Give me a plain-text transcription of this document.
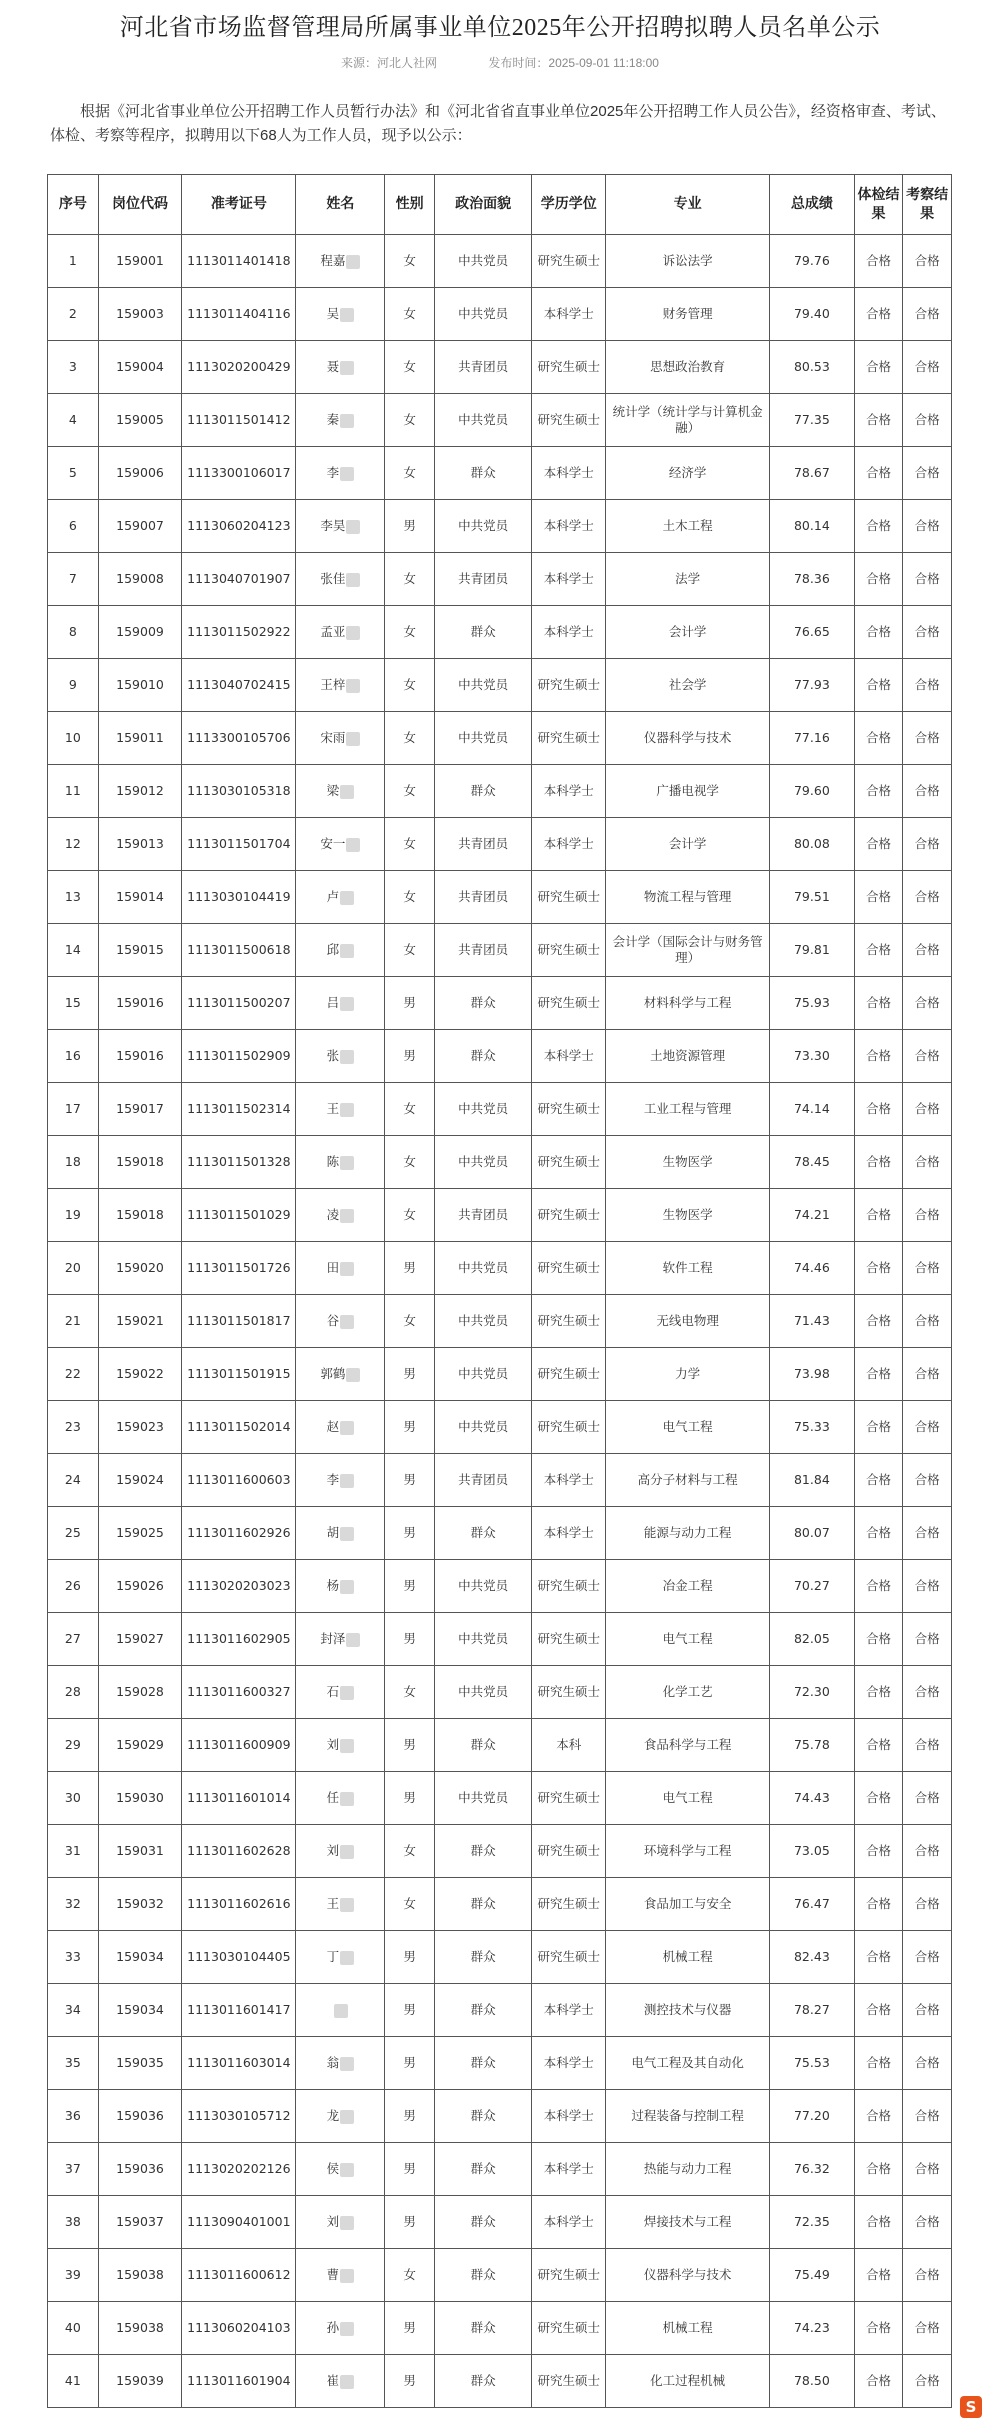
河北省市场监督管理局所属事业单位2025年公开招聘拟聘人员名单公示
来源：河北人社网	发布时间：2025-09-01 11:18:00
根据《河北省事业单位公开招聘工作人员暂行办法》和《河北省省直事业单位2025年公开招聘工作人员公告》，经资格审查、考试、体检、考察等程序，拟聘用以下68人为工作人员，现予以公示：
序号	岗位代码	准考证号	姓名	性别	政治面貌	学历学位	专业	总成绩	体检结果	考察结果
1	159001	1113011401418	程嘉	女	中共党员	研究生硕士	诉讼法学	79.76	合格	合格
2	159003	1113011404116	吴	女	中共党员	本科学士	财务管理	79.40	合格	合格
3	159004	1113020200429	聂	女	共青团员	研究生硕士	思想政治教育	80.53	合格	合格
4	159005	1113011501412	秦	女	中共党员	研究生硕士	统计学（统计学与计算机金融）	77.35	合格	合格
5	159006	1113300106017	李	女	群众	本科学士	经济学	78.67	合格	合格
6	159007	1113060204123	李昊	男	中共党员	本科学士	土木工程	80.14	合格	合格
7	159008	1113040701907	张佳	女	共青团员	本科学士	法学	78.36	合格	合格
8	159009	1113011502922	孟亚	女	群众	本科学士	会计学	76.65	合格	合格
9	159010	1113040702415	王梓	女	中共党员	研究生硕士	社会学	77.93	合格	合格
10	159011	1113300105706	宋雨	女	中共党员	研究生硕士	仪器科学与技术	77.16	合格	合格
11	159012	1113030105318	梁	女	群众	本科学士	广播电视学	79.60	合格	合格
12	159013	1113011501704	安一	女	共青团员	本科学士	会计学	80.08	合格	合格
13	159014	1113030104419	卢	女	共青团员	研究生硕士	物流工程与管理	79.51	合格	合格
14	159015	1113011500618	邱	女	共青团员	研究生硕士	会计学（国际会计与财务管理）	79.81	合格	合格
15	159016	1113011500207	吕	男	群众	研究生硕士	材料科学与工程	75.93	合格	合格
16	159016	1113011502909	张	男	群众	本科学士	土地资源管理	73.30	合格	合格
17	159017	1113011502314	王	女	中共党员	研究生硕士	工业工程与管理	74.14	合格	合格
18	159018	1113011501328	陈	女	中共党员	研究生硕士	生物医学	78.45	合格	合格
19	159018	1113011501029	凌	女	共青团员	研究生硕士	生物医学	74.21	合格	合格
20	159020	1113011501726	田	男	中共党员	研究生硕士	软件工程	74.46	合格	合格
21	159021	1113011501817	谷	女	中共党员	研究生硕士	无线电物理	71.43	合格	合格
22	159022	1113011501915	郭鹤	男	中共党员	研究生硕士	力学	73.98	合格	合格
23	159023	1113011502014	赵	男	中共党员	研究生硕士	电气工程	75.33	合格	合格
24	159024	1113011600603	李	男	共青团员	本科学士	高分子材料与工程	81.84	合格	合格
25	159025	1113011602926	胡	男	群众	本科学士	能源与动力工程	80.07	合格	合格
26	159026	1113020203023	杨	男	中共党员	研究生硕士	冶金工程	70.27	合格	合格
27	159027	1113011602905	封泽	男	中共党员	研究生硕士	电气工程	82.05	合格	合格
28	159028	1113011600327	石	女	中共党员	研究生硕士	化学工艺	72.30	合格	合格
29	159029	1113011600909	刘	男	群众	本科	食品科学与工程	75.78	合格	合格
30	159030	1113011601014	任	男	中共党员	研究生硕士	电气工程	74.43	合格	合格
31	159031	1113011602628	刘	女	群众	研究生硕士	环境科学与工程	73.05	合格	合格
32	159032	1113011602616	王	女	群众	研究生硕士	食品加工与安全	76.47	合格	合格
33	159034	1113030104405	丁	男	群众	研究生硕士	机械工程	82.43	合格	合格
34	159034	1113011601417		男	群众	本科学士	测控技术与仪器	78.27	合格	合格
35	159035	1113011603014	翁	男	群众	本科学士	电气工程及其自动化	75.53	合格	合格
36	159036	1113030105712	龙	男	群众	本科学士	过程装备与控制工程	77.20	合格	合格
37	159036	1113020202126	侯	男	群众	本科学士	热能与动力工程	76.32	合格	合格
38	159037	1113090401001	刘	男	群众	本科学士	焊接技术与工程	72.35	合格	合格
39	159038	1113011600612	曹	女	群众	研究生硕士	仪器科学与技术	75.49	合格	合格
40	159038	1113060204103	孙	男	群众	研究生硕士	机械工程	74.23	合格	合格
41	159039	1113011601904	崔	男	群众	研究生硕士	化工过程机械	78.50	合格	合格
S
